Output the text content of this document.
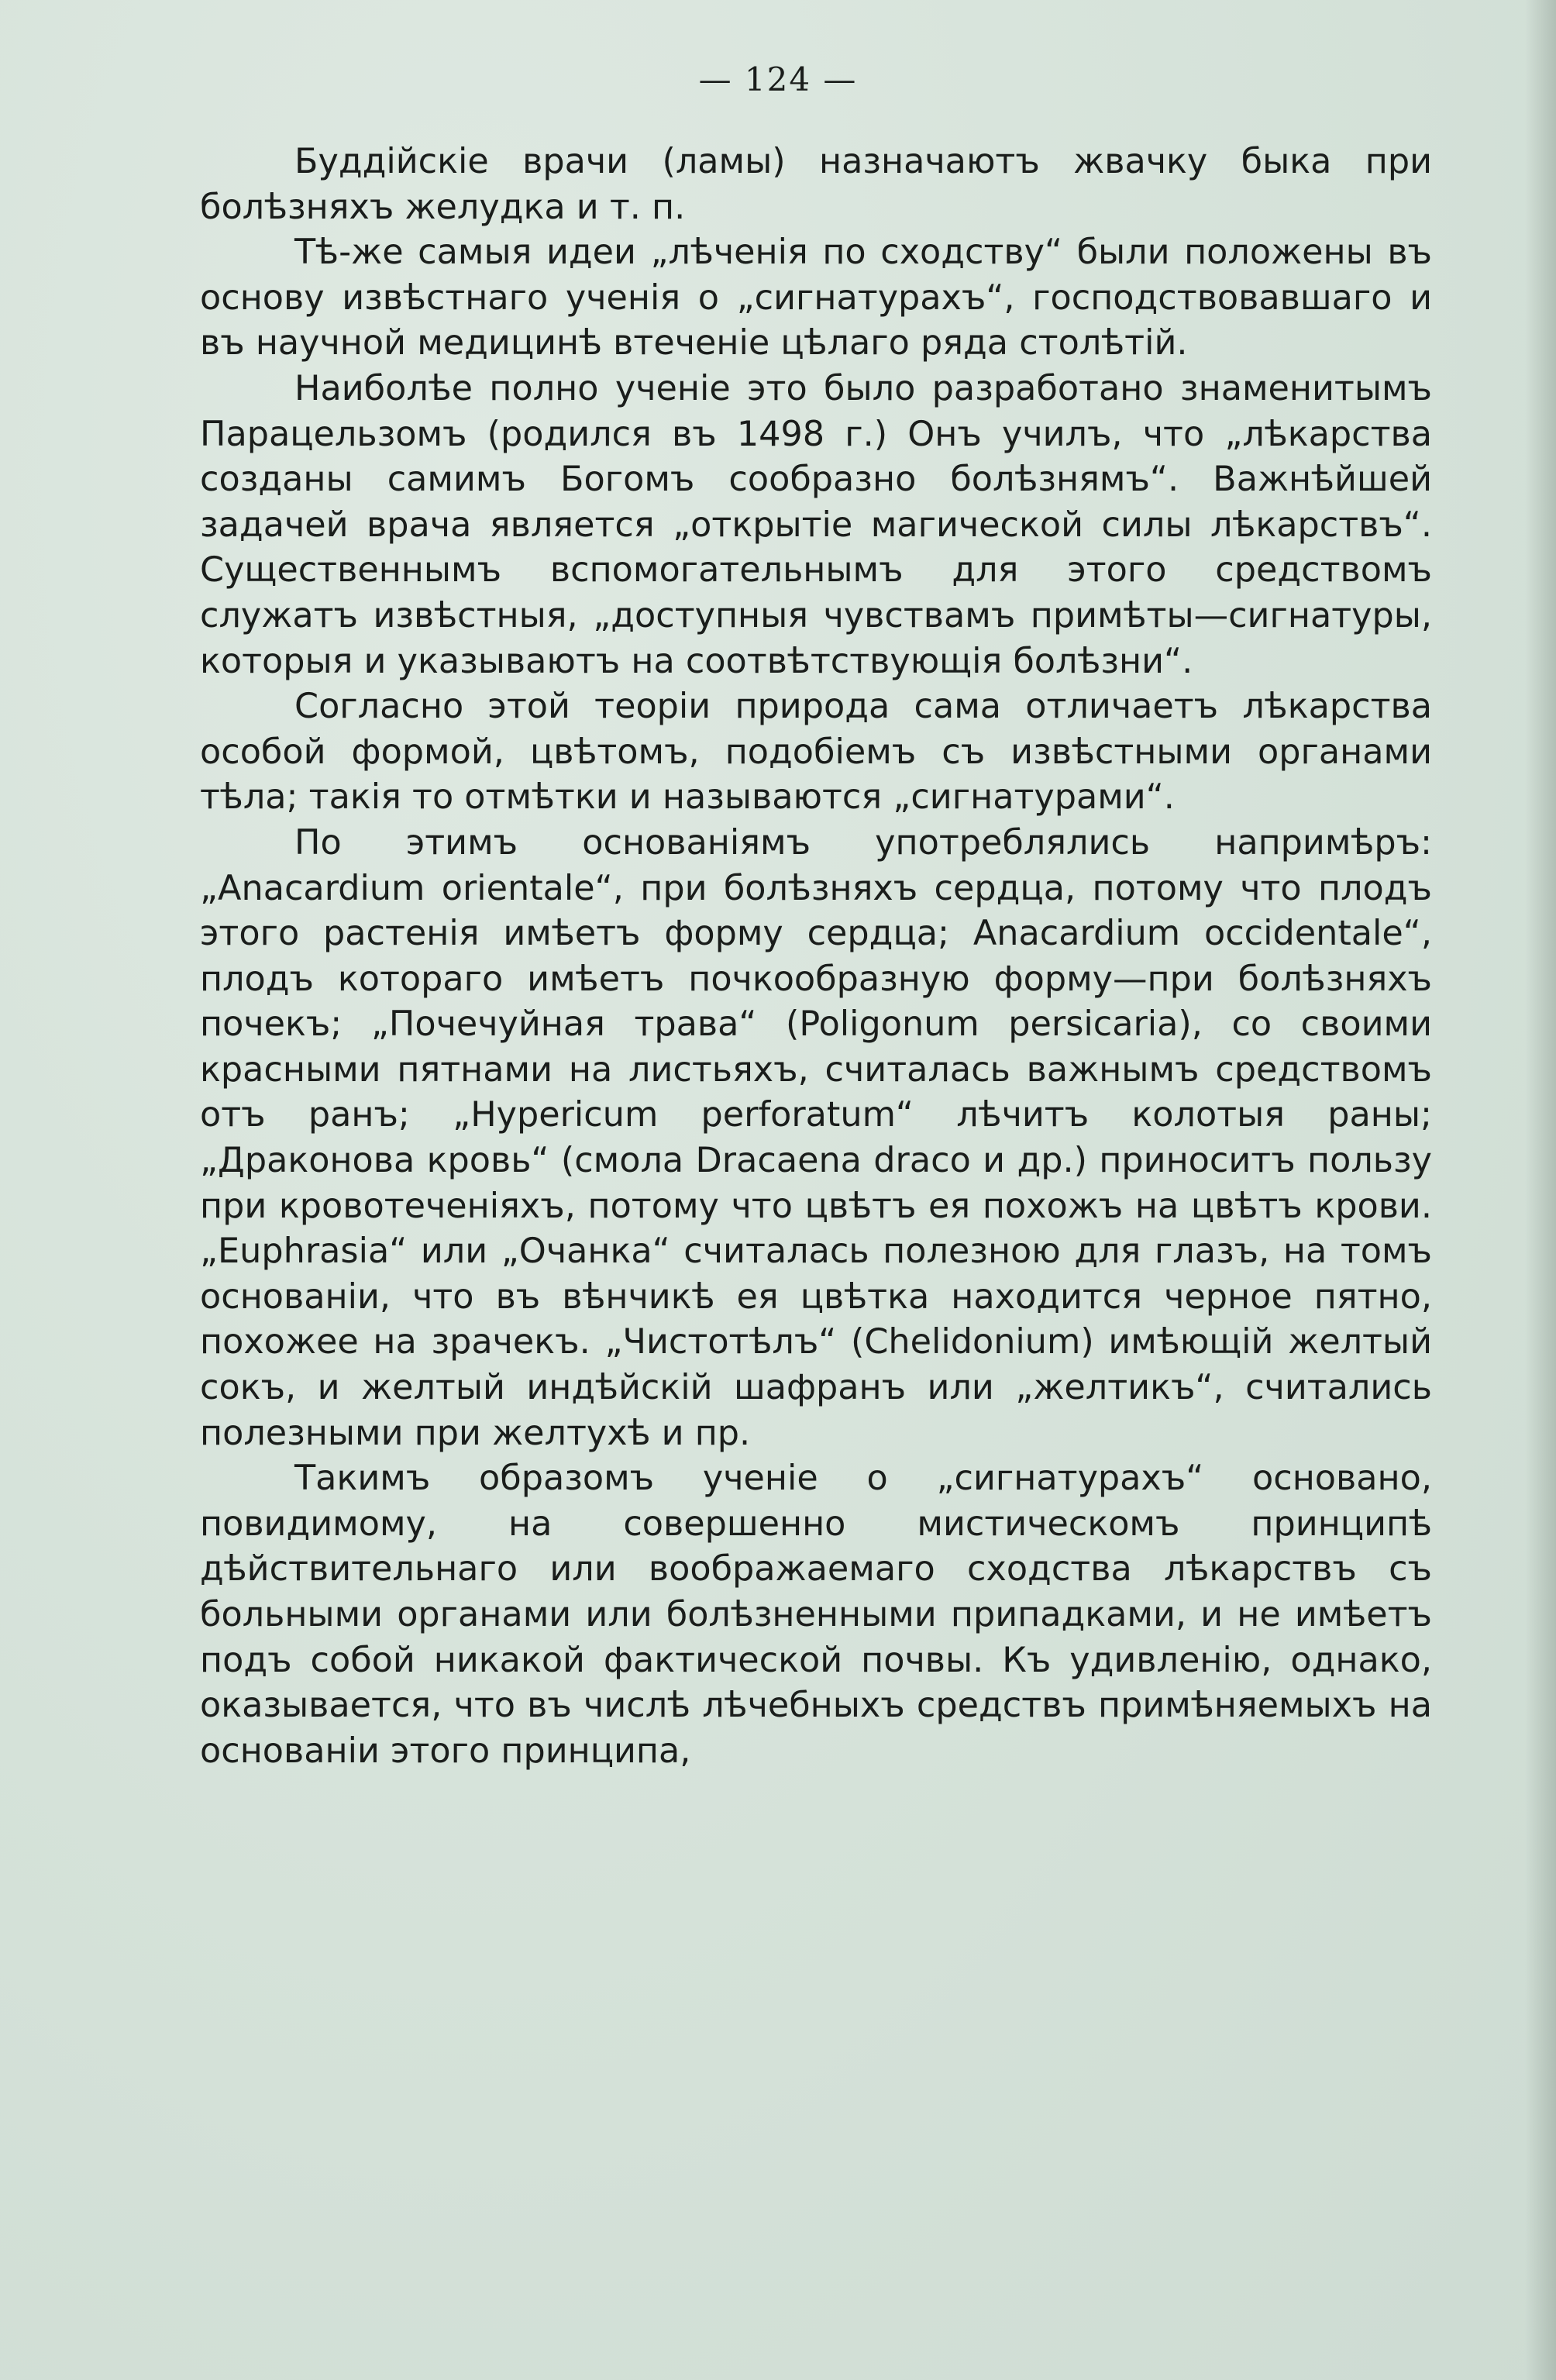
— 124 —

Буддійскіе врачи (ламы) назначаютъ жвачку быка при болѣзняхъ желудка и т. п.

Тѣ-же самыя идеи „лѣченія по сходству“ были положены въ основу извѣстнаго ученія о „сигнатурахъ“, господствовавшаго и въ научной медицинѣ втеченіе цѣлаго ряда столѣтій.

Наиболѣе полно ученіе это было разработано знаменитымъ Парацельзомъ (родился въ 1498 г.) Онъ училъ, что „лѣкарства созданы самимъ Богомъ сообразно болѣзнямъ“. Важнѣйшей задачей врача является „открытіе магической силы лѣкарствъ“. Существеннымъ вспомогательнымъ для этого средствомъ служатъ извѣстныя, „доступныя чувствамъ примѣты—сигнатуры, которыя и указываютъ на соотвѣтствующія болѣзни“.

Согласно этой теоріи природа сама отличаетъ лѣкарства особой формой, цвѣтомъ, подобіемъ съ извѣстными органами тѣла; такія то отмѣтки и называются „сигнатурами“.

По этимъ основаніямъ употреблялись напримѣръ: „Anacardium orientale“, при болѣзняхъ сердца, потому что плодъ этого растенія имѣетъ форму сердца; Anacardium occidentale“, плодъ котораго имѣетъ почкообразную форму—при болѣзняхъ почекъ; „Почечуйная трава“ (Poligonum persicaria), со своими красными пятнами на листьяхъ, считалась важнымъ средствомъ отъ ранъ; „Hypericum perforatum“ лѣчитъ колотыя раны; „Драконова кровь“ (смола Dracaena draco и др.) приноситъ пользу при кровотеченіяхъ, потому что цвѣтъ ея похожъ на цвѣтъ крови. „Euphrasia“ или „Очанка“ считалась полезною для глазъ, на томъ основаніи, что въ вѣнчикѣ ея цвѣтка находится черное пятно, похожее на зрачекъ. „Чистотѣлъ“ (Chelidonium) имѣющій желтый сокъ, и желтый индѣйскій шафранъ или „желтикъ“, считались полезными при желтухѣ и пр.

Такимъ образомъ ученіе о „сигнатурахъ“ основано, повидимому, на совершенно мистическомъ принципѣ дѣйствительнаго или воображаемаго сходства лѣкарствъ съ больными органами или болѣзненными припадками, и не имѣетъ подъ собой никакой фактической почвы. Къ удивленію, однако, оказывается, что въ числѣ лѣчебныхъ средствъ примѣняемыхъ на основаніи этого принципа,
